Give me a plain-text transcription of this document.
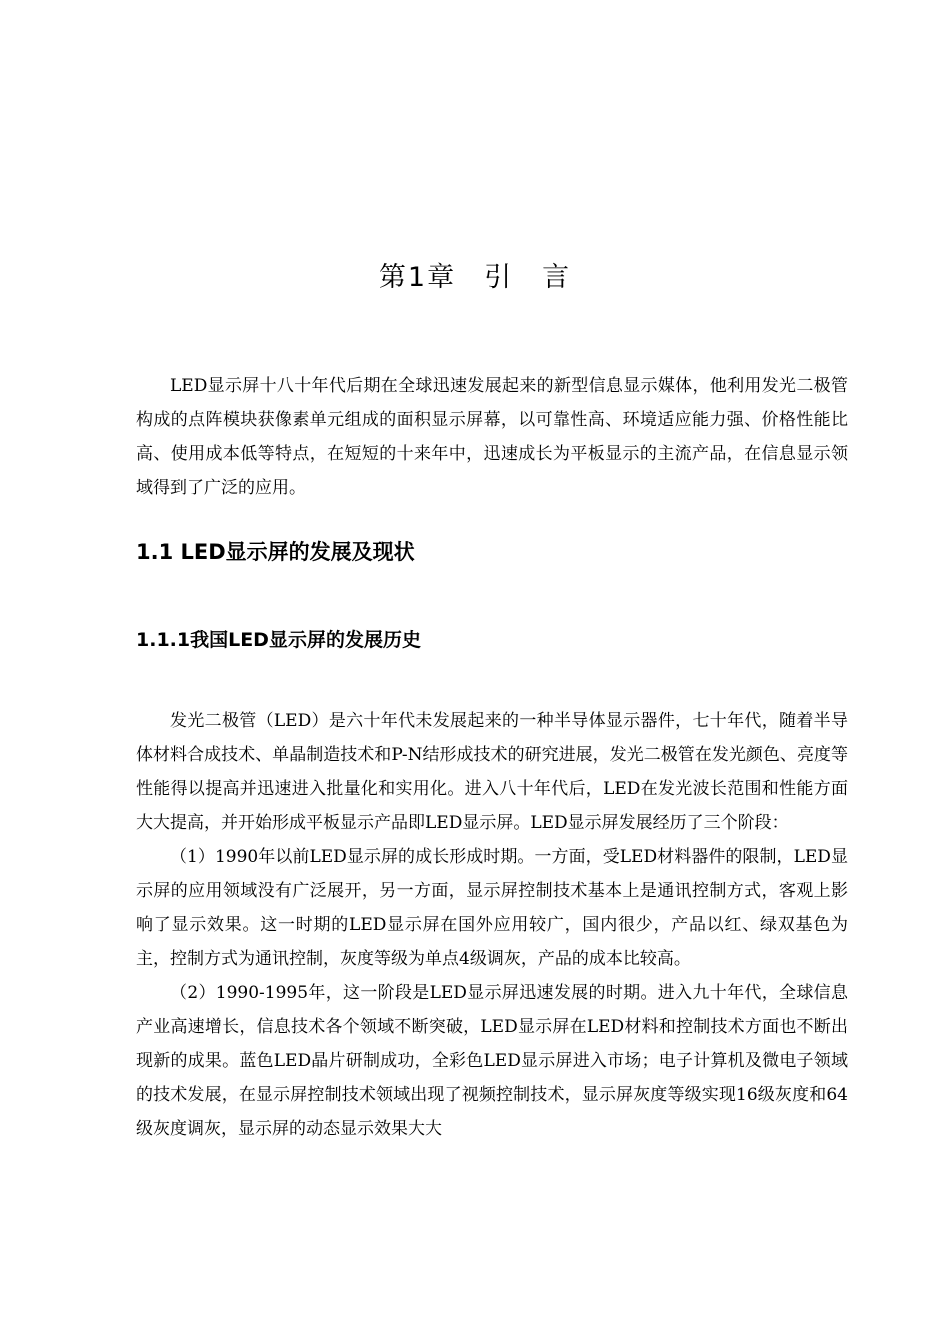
第1章 引　言

LED显示屏十八十年代后期在全球迅速发展起来的新型信息显示媒体，他利用发光二极管构成的点阵模块获像素单元组成的面积显示屏幕，以可靠性高、环境适应能力强、价格性能比高、使用成本低等特点，在短短的十来年中，迅速成长为平板显示的主流产品，在信息显示领域得到了广泛的应用。

1.1 LED显示屏的发展及现状
1.1.1我国LED显示屏的发展历史

发光二极管（LED）是六十年代未发展起来的一种半导体显示器件，七十年代，随着半导体材料合成技术、单晶制造技术和P-N结形成技术的研究进展，发光二极管在发光颜色、亮度等性能得以提高并迅速进入批量化和实用化。进入八十年代后，LED在发光波长范围和性能方面大大提高，并开始形成平板显示产品即LED显示屏。LED显示屏发展经历了三个阶段：

（1）1990年以前LED显示屏的成长形成时期。一方面，受LED材料器件的限制，LED显示屏的应用领域没有广泛展开，另一方面，显示屏控制技术基本上是通讯控制方式，客观上影响了显示效果。这一时期的LED显示屏在国外应用较广，国内很少，产品以红、绿双基色为主，控制方式为通讯控制，灰度等级为单点4级调灰，产品的成本比较高。

（2）1990-1995年，这一阶段是LED显示屏迅速发展的时期。进入九十年代，全球信息产业高速增长，信息技术各个领域不断突破，LED显示屏在LED材料和控制技术方面也不断出现新的成果。蓝色LED晶片研制成功，全彩色LED显示屏进入市场；电子计算机及微电子领域的技术发展，在显示屏控制技术领域出现了视频控制技术，显示屏灰度等级实现16级灰度和64级灰度调灰，显示屏的动态显示效果大大
